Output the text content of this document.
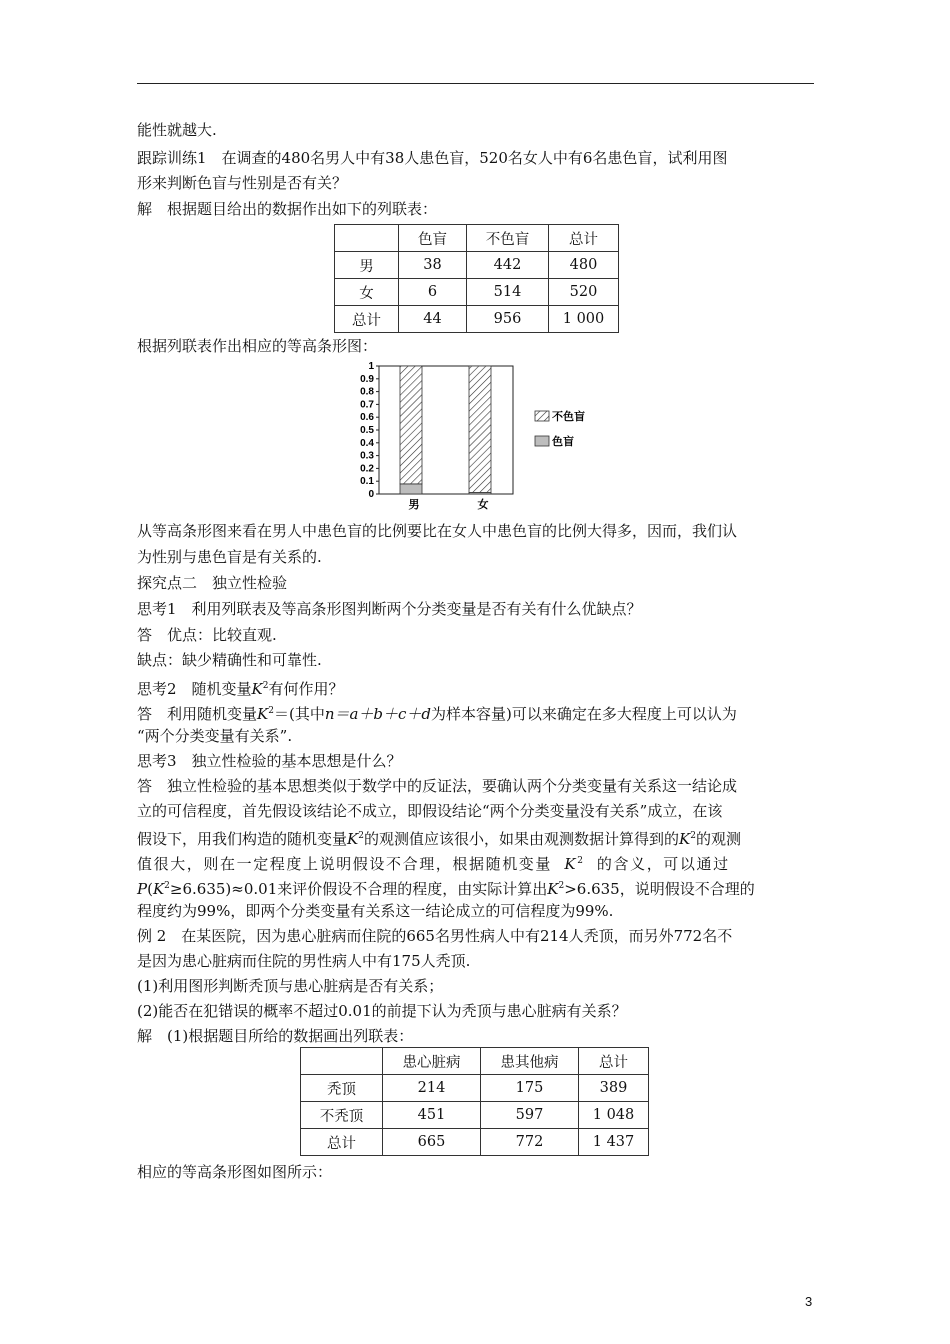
能性就越大.
跟踪训练1　在调查的480名男人中有38人患色盲，520名女人中有6名患色盲，试利用图
形来判断色盲与性别是否有关？
解　根据题目给出的数据作出如下的列联表：
	色盲	不色盲	总计
男	38	442	480
女	6	514	520
总计	44	956	1 000
根据列联表作出相应的等高条形图：
0
0.1
0.2
0.3
0.4
0.5
0.6
0.7
0.8
0.9
1
男	女
不色盲
色盲
从等高条形图来看在男人中患色盲的比例要比在女人中患色盲的比例大得多，因而，我们认
为性别与患色盲是有关系的.
探究点二　独立性检验
思考1　利用列联表及等高条形图判断两个分类变量是否有关有什么优缺点？
答　优点：比较直观.
缺点：缺少精确性和可靠性.
思考2　随机变量$K^2$有何作用？
答　利用随机变量$K^2=$(其中n＝a＋b＋c＋d为样本容量)可以来确定在多大程度上可以认为
“两个分类变量有关系”.
思考3　独立性检验的基本思想是什么？
答　独立性检验的基本思想类似于数学中的反证法，要确认两个分类变量有关系这一结论成
立的可信程度，首先假设该结论不成立，即假设结论“两个分类变量没有关系”成立，在该
假设下，用我们构造的随机变量$K^2$的观测值应该很小，如果由观测数据计算得到的$K^2$的观测
值很大，则在一定程度上说明假设不合理，根据随机变量 $K^2$ 的含义，可以通过
$P(K^2\ge 6.635)\approx 0.01$来评价假设不合理的程度，由实际计算出$K^2>6.635$，说明假设不合理的
程度约为99%，即两个分类变量有关系这一结论成立的可信程度为99%.
例 2　在某医院，因为患心脏病而住院的665名男性病人中有214人秃顶，而另外772名不
是因为患心脏病而住院的男性病人中有175人秃顶.
(1)利用图形判断秃顶与患心脏病是否有关系；
(2)能否在犯错误的概率不超过0.01的前提下认为秃顶与患心脏病有关系？
解　(1)根据题目所给的数据画出列联表：
	患心脏病	患其他病	总计
秃顶	214	175	389
不秃顶	451	597	1 048
总计	665	772	1 437
相应的等高条形图如图所示：
3
